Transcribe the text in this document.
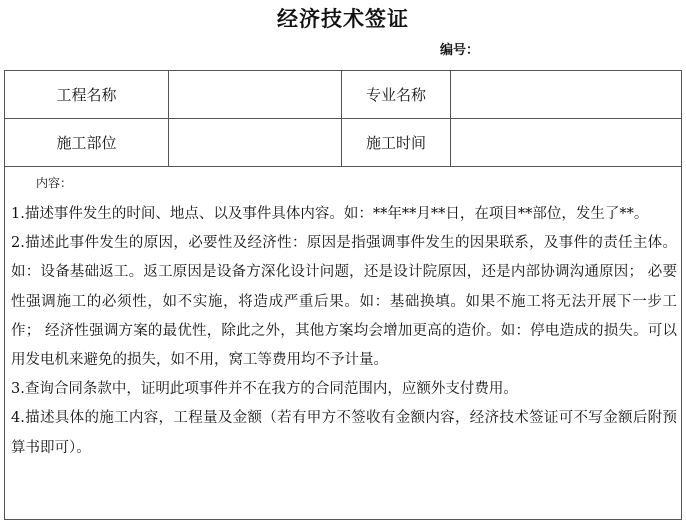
经济技术签证
编号：
工程名称	专业名称
施工部位	施工时间
内容：

1.描述事件发生的时间、地点、以及事件具体内容。如：**年**月**日，在项目**部位，发生了**。

2.描述此事件发生的原因，必要性及经济性：原因是指强调事件发生的因果联系，及事件的责任主体。如：设备基础返工。返工原因是设备方深化设计问题，还是设计院原因，还是内部协调沟通原因； 必要性强调施工的必须性，如不实施，将造成严重后果。如：基础换填。如果不施工将无法开展下一步工作； 经济性强调方案的最优性，除此之外，其他方案均会增加更高的造价。如：停电造成的损失。可以用发电机来避免的损失，如不用，窝工等费用均不予计量。

3.查询合同条款中，证明此项事件并不在我方的合同范围内，应额外支付费用。

4.描述具体的施工内容，工程量及金额（若有甲方不签收有金额内容，经济技术签证可不写金额后附预算书即可）。
